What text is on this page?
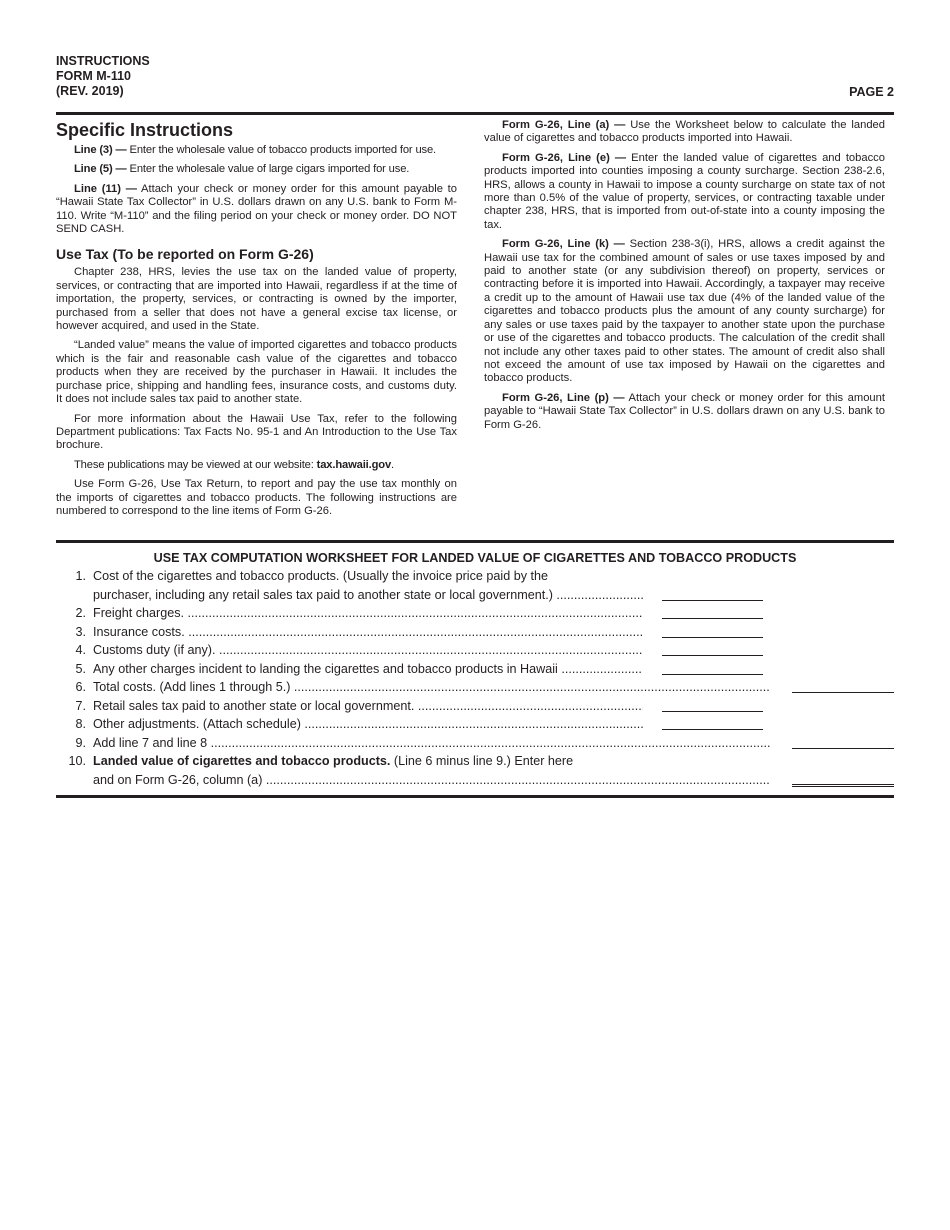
INSTRUCTIONS
FORM M-110
(REV. 2019)	PAGE 2
Specific Instructions

Line (3) — Enter the wholesale value of tobacco products imported for use.

Line (5) — Enter the wholesale value of large cigars imported for use.

Line (11) — Attach your check or money order for this amount payable to “Hawaii State Tax Collector” in U.S. dollars drawn on any U.S. bank to Form M-110. Write “M-110” and the filing period on your check or money order. DO NOT SEND CASH.

Use Tax (To be reported on Form G-26)

Chapter 238, HRS, levies the use tax on the landed value of property, services, or contracting that are imported into Hawaii, regardless if at the time of importation, the property, services, or contracting is owned by the importer, purchased from a seller that does not have a general excise tax license, or however acquired, and used in the State.

“Landed value” means the value of imported cigarettes and tobacco products which is the fair and reasonable cash value of the cigarettes and tobacco products when they are received by the purchaser in Hawaii. It includes the purchase price, shipping and handling fees, insurance costs, and customs duty. It does not include sales tax paid to another state.

For more information about the Hawaii Use Tax, refer to the following Department publications: Tax Facts No. 95-1 and An Introduction to the Use Tax brochure.

These publications may be viewed at our website: tax.hawaii.gov.

Use Form G-26, Use Tax Return, to report and pay the use tax monthly on the imports of cigarettes and tobacco products. The following instructions are numbered to correspond to the line items of Form G-26.

Form G-26, Line (a) — Use the Worksheet below to calculate the landed value of cigarettes and tobacco products imported into Hawaii.

Form G-26, Line (e) — Enter the landed value of cigarettes and tobacco products imported into counties imposing a county surcharge. Section 238-2.6, HRS, allows a county in Hawaii to impose a county surcharge on state tax of not more than 0.5% of the value of property, services, or contracting taxable under chapter 238, HRS, that is imported from out-of-state into a county imposing the tax.

Form G-26, Line (k) — Section 238-3(i), HRS, allows a credit against the Hawaii use tax for the combined amount of sales or use taxes imposed by and paid to another state (or any subdivision thereof) on property, services or contracting before it is imported into Hawaii. Accordingly, a taxpayer may receive a credit up to the amount of Hawaii use tax due (4% of the landed value of the cigarettes and tobacco products plus the amount of any county surcharge) for any sales or use taxes paid by the taxpayer to another state upon the purchase or use of the cigarettes and tobacco products. The calculation of the credit shall not include any other taxes paid to other states. The amount of credit also shall not exceed the amount of use tax imposed by Hawaii on the cigarettes and tobacco products.

Form G-26, Line (p) — Attach your check or money order for this amount payable to “Hawaii State Tax Collector” in U.S. dollars drawn on any U.S. bank to Form G-26.

USE TAX COMPUTATION WORKSHEET FOR LANDED VALUE OF CIGARETTES AND TOBACCO PRODUCTS
1. Cost of the cigarettes and tobacco products. (Usually the invoice price paid by the
purchaser, including any retail sales tax paid to another state or local government.) .....
2. Freight charges. .....
3. Insurance costs. .....
4. Customs duty (if any). .....
5. Any other charges incident to landing the cigarettes and tobacco products in Hawaii .....
6. Total costs. (Add lines 1 through 5.) .....
7. Retail sales tax paid to another state or local government. .....
8. Other adjustments. (Attach schedule) .....
9. Add line 7 and line 8 .....
10. Landed value of cigarettes and tobacco products. (Line 6 minus line 9.) Enter here
and on Form G-26, column (a) .....
